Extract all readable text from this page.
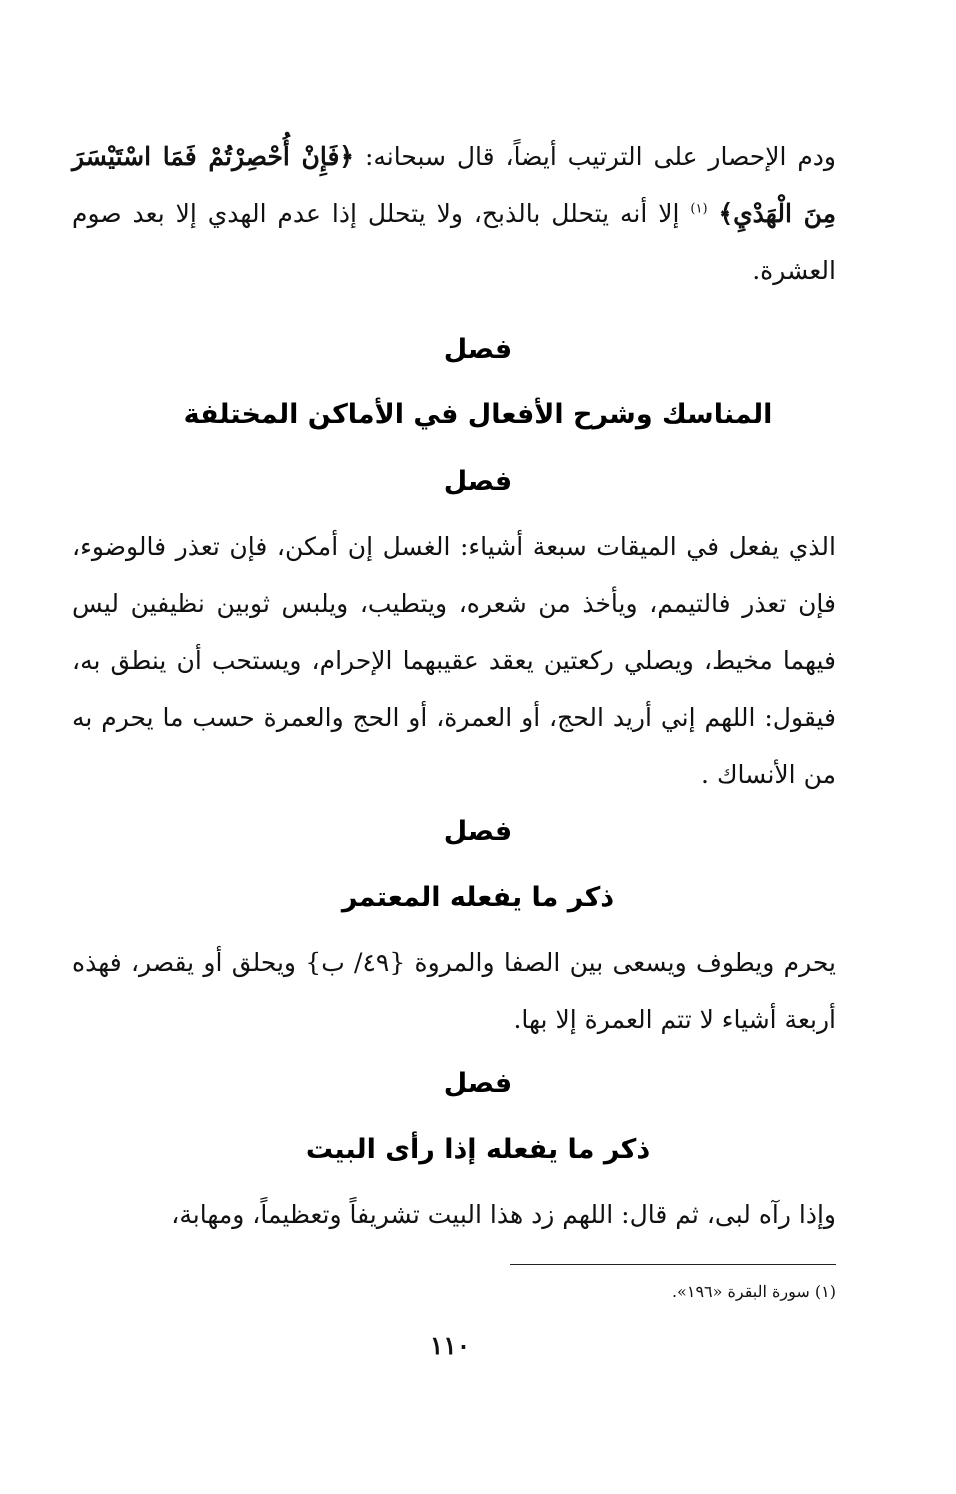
ودم الإحصار على الترتيب أيضاً، قال سبحانه: ﴿فَإِنْ أُحْصِرْتُمْ فَمَا اسْتَيْسَرَ مِنَ الْهَدْيِ﴾ $^{(١)}$ إلا أنه يتحلل بالذبح، ولا يتحلل إذا عدم الهدي إلا بعد صوم العشرة.

فصل
المناسك وشرح الأفعال في الأماكن المختلفة
فصل

الذي يفعل في الميقات سبعة أشياء: الغسل إن أمكن، فإن تعذر فالوضوء، فإن تعذر فالتيمم، ويأخذ من شعره، ويتطيب، ويلبس ثوبين نظيفين ليس فيهما مخيط، ويصلي ركعتين يعقد عقيبهما الإحرام، ويستحب أن ينطق به، فيقول: اللهم إني أريد الحج، أو العمرة، أو الحج والعمرة حسب ما يحرم به من الأنساك .

فصل
ذكر ما يفعله المعتمر

يحرم ويطوف ويسعى بين الصفا والمروة {٤٩/ ب} ويحلق أو يقصر، فهذه أربعة أشياء لا تتم العمرة إلا بها.

فصل
ذكر ما يفعله إذا رأى البيت

وإذا رآه لبى، ثم قال: اللهم زد هذا البيت تشريفاً وتعظيماً، ومهابة،

(١) سورة البقرة «١٩٦».
١١٠
